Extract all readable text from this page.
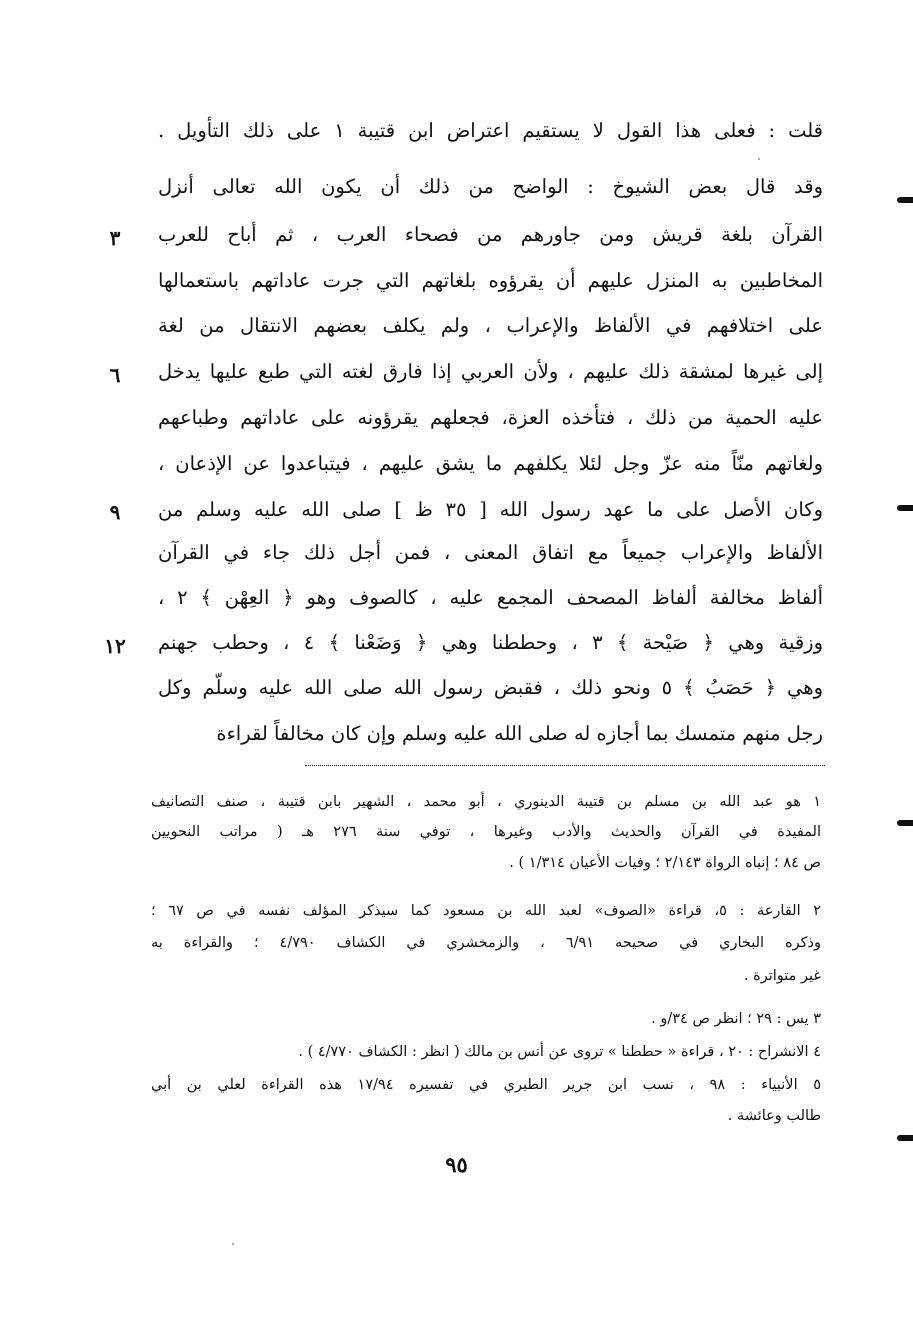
قلت : فعلى هذا القول لا يستقيم اعتراض ابن قتيبة ١ على ذلك التأويل .
وقد قال بعض الشيوخ : الواضح من ذلك أن يكون الله تعالى أنزل
القرآن بلغة قريش ومن جاورهم من فصحاء العرب ، ثم أباح للعرب
المخاطبين به المنزل عليهم أن يقرؤوه بلغاتهم التي جرت عاداتهم باستعمالها
على اختلافهم في الألفاظ والإعراب ، ولم يكلف بعضهم الانتقال من لغة
إلى غيرها لمشقة ذلك عليهم ، ولأن العربي إذا فارق لغته التي طبع عليها يدخل
عليه الحمية من ذلك ، فتأخذه العزة، فجعلهم يقرؤونه على عاداتهم وطباعهم
ولغاتهم منّاً منه عزّ وجل لئلا يكلفهم ما يشق عليهم ، فيتباعدوا عن الإذعان ،
وكان الأصل على ما عهد رسول الله [ ٣٥ ظ ] صلى الله عليه وسلم من
الألفاظ والإعراب جميعاً مع اتفاق المعنى ، فمن أجل ذلك جاء في القرآن
ألفاظ مخالفة ألفاظ المصحف المجمع عليه ، كالصوف وهو ﴿ العِهْن ﴾ ٢ ،
وزقية وهي ﴿ صَيْحة ﴾ ٣ ، وحططنا وهي ﴿ وَضَعْنا ﴾ ٤ ، وحطب جهنم
وهي ﴿ حَصَبُ ﴾ ٥ ونحو ذلك ، فقبض رسول الله صلى الله عليه وسلّم وكل
رجل منهم متمسك بما أجازه له صلى الله عليه وسلم وإن كان مخالفاً لقراءة
٣
٦
٩
١٢
١ هو عبد الله بن مسلم بن قتيبة الدينوري ، أبو محمد ، الشهير بابن قتيبة ، صنف التصانيف
المفيدة في القرآن والحديث والأدب وغيرها ، توفي سنة ٢٧٦ هـ ( مراتب النحويين
ص ٨٤ ؛ إنباه الرواة ٢/١٤٣ ؛ وفيات الأعيان ١/٣١٤ ) .
٢ القارعة : ٥، قراءة «الصوف» لعبد الله بن مسعود كما سيذكر المؤلف نفسه في ص ٦٧ ؛
وذكره البخاري في صحيحه ٦/٩١ ، والزمخشري في الكشاف ٤/٧٩٠ ؛ والقراءة به
غير متواترة .
٣ يس : ٢٩ ؛ انظر ص ٣٤/و .
٤ الانشراح : ٢٠ ، قراءة « حططنا » تروى عن أنس بن مالك ( انظر : الكشاف ٤/٧٧٠ ) .
٥ الأنبياء : ٩٨ ، نسب ابن جرير الطبري في تفسيره ١٧/٩٤ هذه القراءة لعلي بن أبي
طالب وعائشة .
٩٥
